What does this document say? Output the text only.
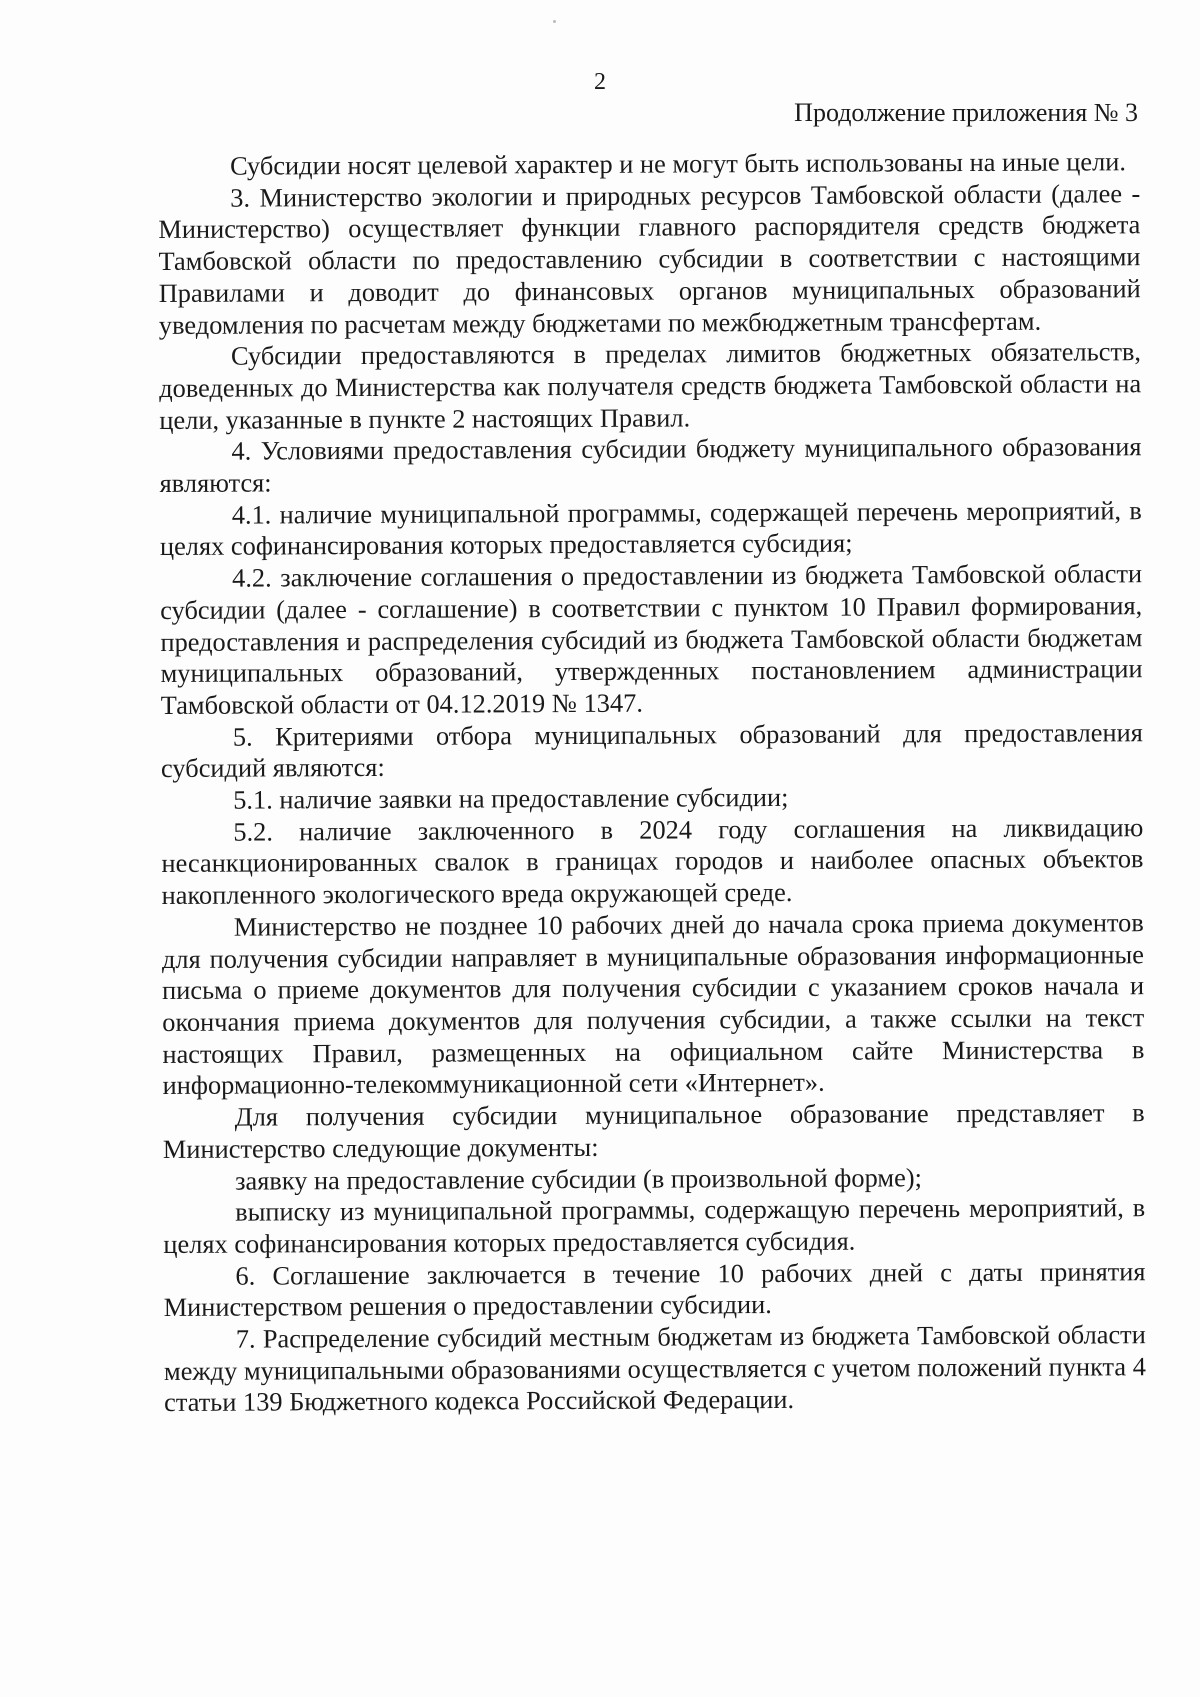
2
Продолжение приложения № 3

Субсидии носят целевой характер и не могут быть использованы на иные цели.

3. Министерство экологии и природных ресурсов Тамбовской области (далее - Министерство) осуществляет функции главного распорядителя средств бюджета Тамбовской области по предоставлению субсидии в соответствии с настоящими Правилами и доводит до финансовых органов муниципальных образований уведомления по расчетам между бюджетами по межбюджетным трансфертам.

Субсидии предоставляются в пределах лимитов бюджетных обязательств, доведенных до Министерства как получателя средств бюджета Тамбовской области на цели, указанные в пункте 2 настоящих Правил.

4. Условиями предоставления субсидии бюджету муниципального образования являются:

4.1. наличие муниципальной программы, содержащей перечень мероприятий, в целях софинансирования которых предоставляется субсидия;

4.2. заключение соглашения о предоставлении из бюджета Тамбовской области субсидии (далее - соглашение) в соответствии с пунктом 10 Правил формирования, предоставления и распределения субсидий из бюджета Тамбовской области бюджетам муниципальных образований, утвержденных постановлением администрации Тамбовской области от 04.12.2019 № 1347.

5. Критериями отбора муниципальных образований для предоставления субсидий являются:

5.1. наличие заявки на предоставление субсидии;

5.2. наличие заключенного в 2024 году соглашения на ликвидацию несанкционированных свалок в границах городов и наиболее опасных объектов накопленного экологического вреда окружающей среде.

Министерство не позднее 10 рабочих дней до начала срока приема документов для получения субсидии направляет в муниципальные образования информационные письма о приеме документов для получения субсидии с указанием сроков начала и окончания приема документов для получения субсидии, а также ссылки на текст настоящих Правил, размещенных на официальном сайте Министерства в информационно-телекоммуникационной сети «Интернет».

Для получения субсидии муниципальное образование представляет в Министерство следующие документы:

заявку на предоставление субсидии (в произвольной форме);

выписку из муниципальной программы, содержащую перечень мероприятий, в целях софинансирования которых предоставляется субсидия.

6. Соглашение заключается в течение 10 рабочих дней с даты принятия Министерством решения о предоставлении субсидии.

7. Распределение субсидий местным бюджетам из бюджета Тамбовской области между муниципальными образованиями осуществляется с учетом положений пункта 4 статьи 139 Бюджетного кодекса Российской Федерации.
